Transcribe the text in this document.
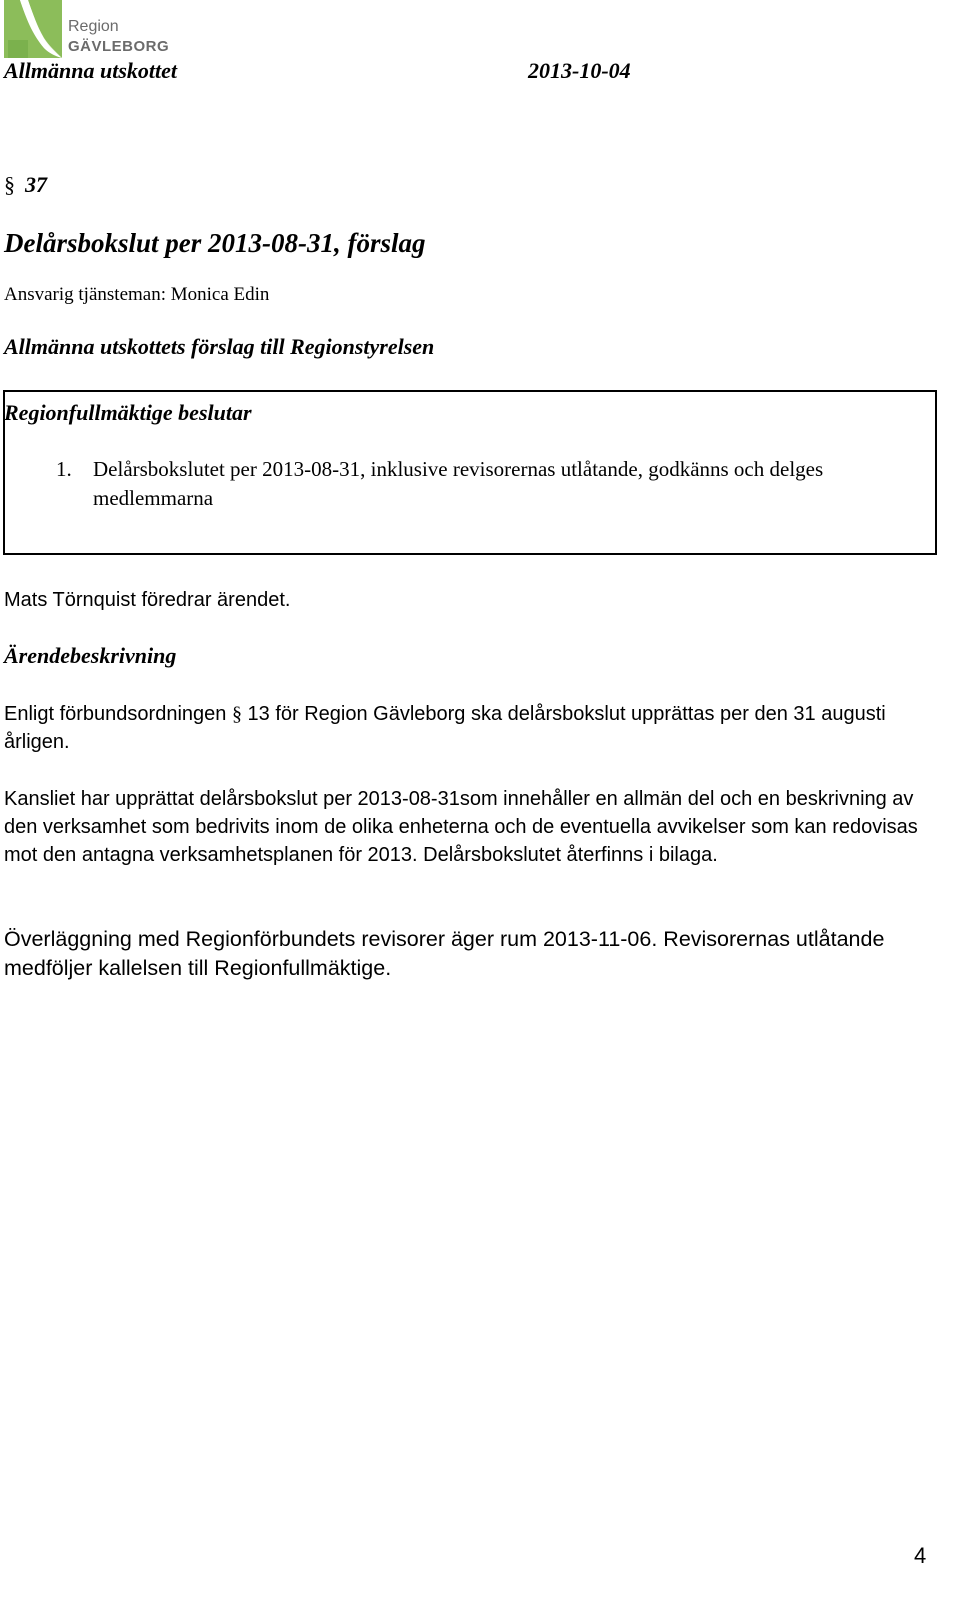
Region
GÄVLEBORG
Allmänna utskottet	2013-10-04
§ 37
Delårsbokslut per 2013-08-31, förslag
Ansvarig tjänsteman: Monica Edin
Allmänna utskottets förslag till Regionstyrelsen
Regionfullmäktige beslutar
1. Delårsbokslutet per 2013-08-31, inklusive revisorernas utlåtande, godkänns och delges medlemmarna
Mats Törnquist föredrar ärendet.
Ärendebeskrivning
Enligt förbundsordningen § 13 för Region Gävleborg ska delårsbokslut upprättas per den 31 augusti årligen.
Kansliet har upprättat delårsbokslut per 2013-08-31som innehåller en allmän del och en beskrivning av den verksamhet som bedrivits inom de olika enheterna och de eventuella avvikelser som kan redovisas mot den antagna verksamhetsplanen för 2013. Delårsbokslutet återfinns i bilaga.
Överläggning med Regionförbundets revisorer äger rum 2013-11-06. Revisorernas utlåtande medföljer kallelsen till Regionfullmäktige.
4
